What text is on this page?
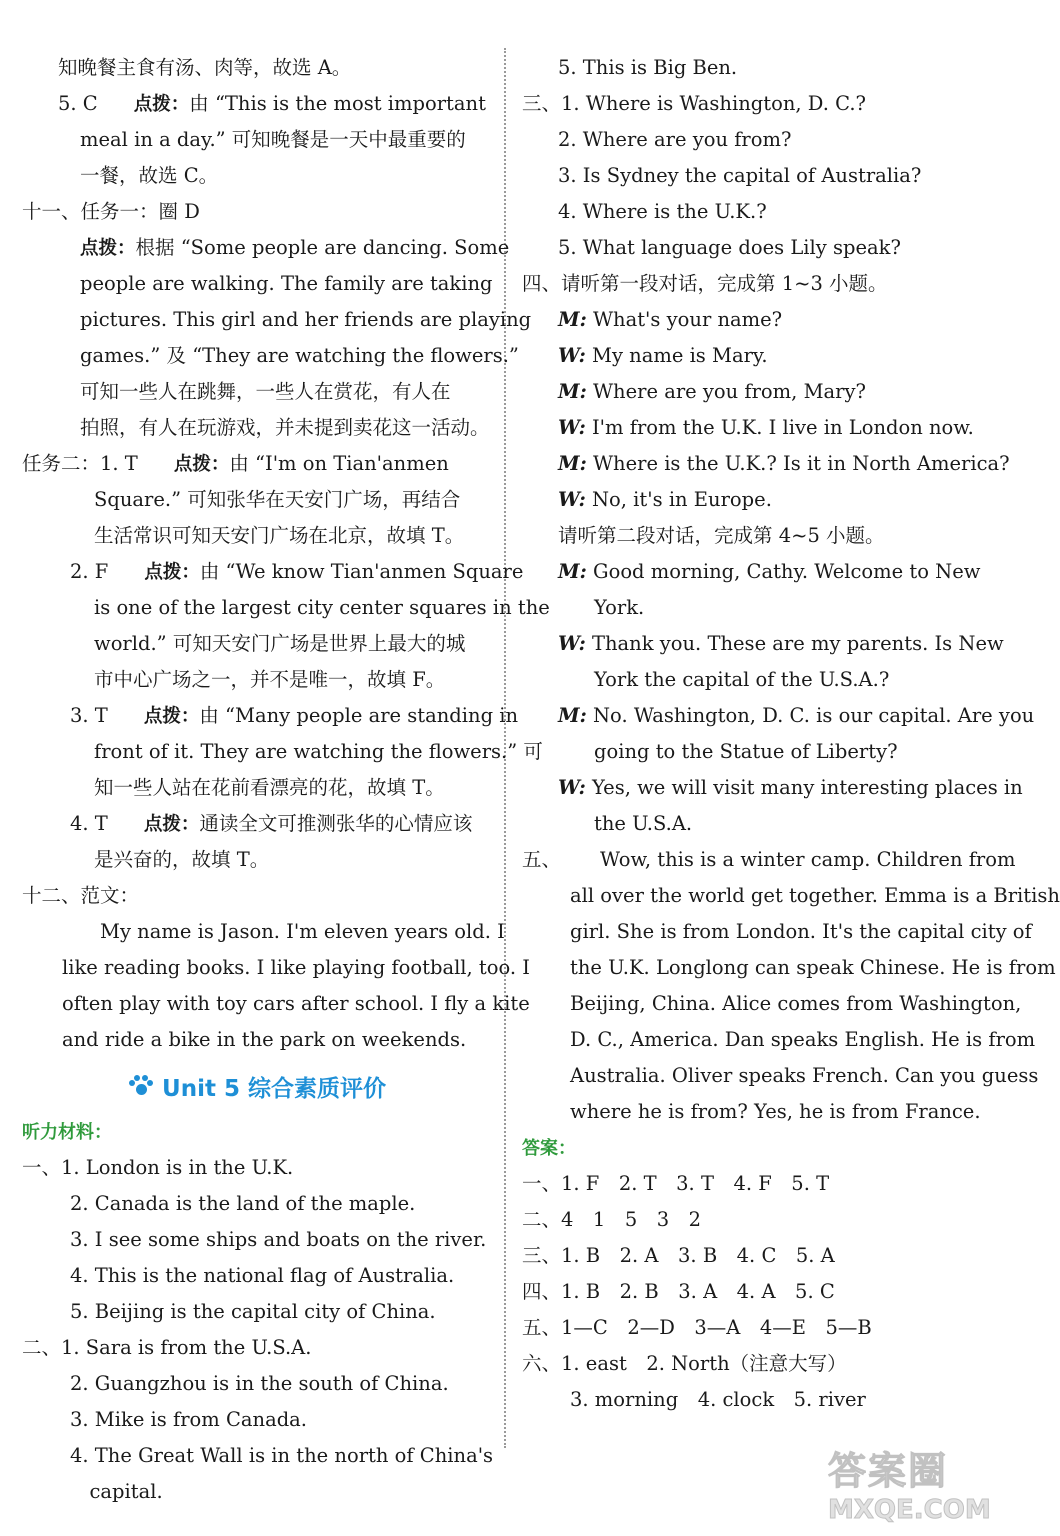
知晚餐主食有汤、肉等，故选 A。
5. C 点拨：由 “This is the most important
meal in a day.” 可知晚餐是一天中最重要的
一餐，故选 C。
十一、任务一：圈 D
点拨：根据 “Some people are dancing. Some
people are walking. The family are taking
pictures. This girl and her friends are playing
games.” 及 “They are watching the flowers.”
可知一些人在跳舞，一些人在赏花，有人在
拍照，有人在玩游戏，并未提到卖花这一活动。
任务二：1. T 点拨：由 “I'm on Tian'anmen
Square.” 可知张华在天安门广场，再结合
生活常识可知天安门广场在北京，故填 T。
2. F 点拨：由 “We know Tian'anmen Square
is one of the largest city center squares in the
world.” 可知天安门广场是世界上最大的城
市中心广场之一，并不是唯一，故填 F。
3. T 点拨：由 “Many people are standing in
front of it. They are watching the flowers.” 可
知一些人站在花前看漂亮的花，故填 T。
4. T 点拨：通读全文可推测张华的心情应该
是兴奋的，故填 T。
十二、范文：
　　　　My name is Jason. I'm eleven years old. I
like reading books. I like playing football, too. I
often play with toy cars after school. I fly a kite
and ride a bike in the park on weekends.
Unit 5 综合素质评价
听力材料：
一、1. London is in the U.K.
2. Canada is the land of the maple.
3. I see some ships and boats on the river.
4. This is the national flag of Australia.
5. Beijing is the capital city of China.
二、1. Sara is from the U.S.A.
2. Guangzhou is in the south of China.
3. Mike is from Canada.
4. The Great Wall is in the north of China's
　capital.
5. This is Big Ben.
三、1. Where is Washington, D. C.?
2. Where are you from?
3. Is Sydney the capital of Australia?
4. Where is the U.K.?
5. What language does Lily speak?
四、请听第一段对话，完成第 1~3 小题。
M: What's your name?
W: My name is Mary.
M: Where are you from, Mary?
W: I'm from the U.K. I live in London now.
M: Where is the U.K.? Is it in North America?
W: No, it's in Europe.
请听第二段对话，完成第 4~5 小题。
M: Good morning, Cathy. Welcome to New
York.
W: Thank you. These are my parents. Is New
York the capital of the U.S.A.?
M: No. Washington, D. C. is our capital. Are you
going to the Statue of Liberty?
W: Yes, we will visit many interesting places in
the U.S.A.
五、　　Wow, this is a winter camp. Children from
all over the world get together. Emma is a British
girl. She is from London. It's the capital city of
the U.K. Longlong can speak Chinese. He is from
Beijing, China. Alice comes from Washington,
D. C., America. Dan speaks English. He is from
Australia. Oliver speaks French. Can you guess
where he is from? Yes, he is from France.
答案：
一、1. F　2. T　3. T　4. F　5. T
二、4　1　5　3　2
三、1. B　2. A　3. B　4. C　5. A
四、1. B　2. B　3. A　4. A　5. C
五、1—C　2—D　3—A　4—E　5—B
六、1. east　2. North（注意大写）
3. morning　4. clock　5. river
答案圈
MXQE.COM
